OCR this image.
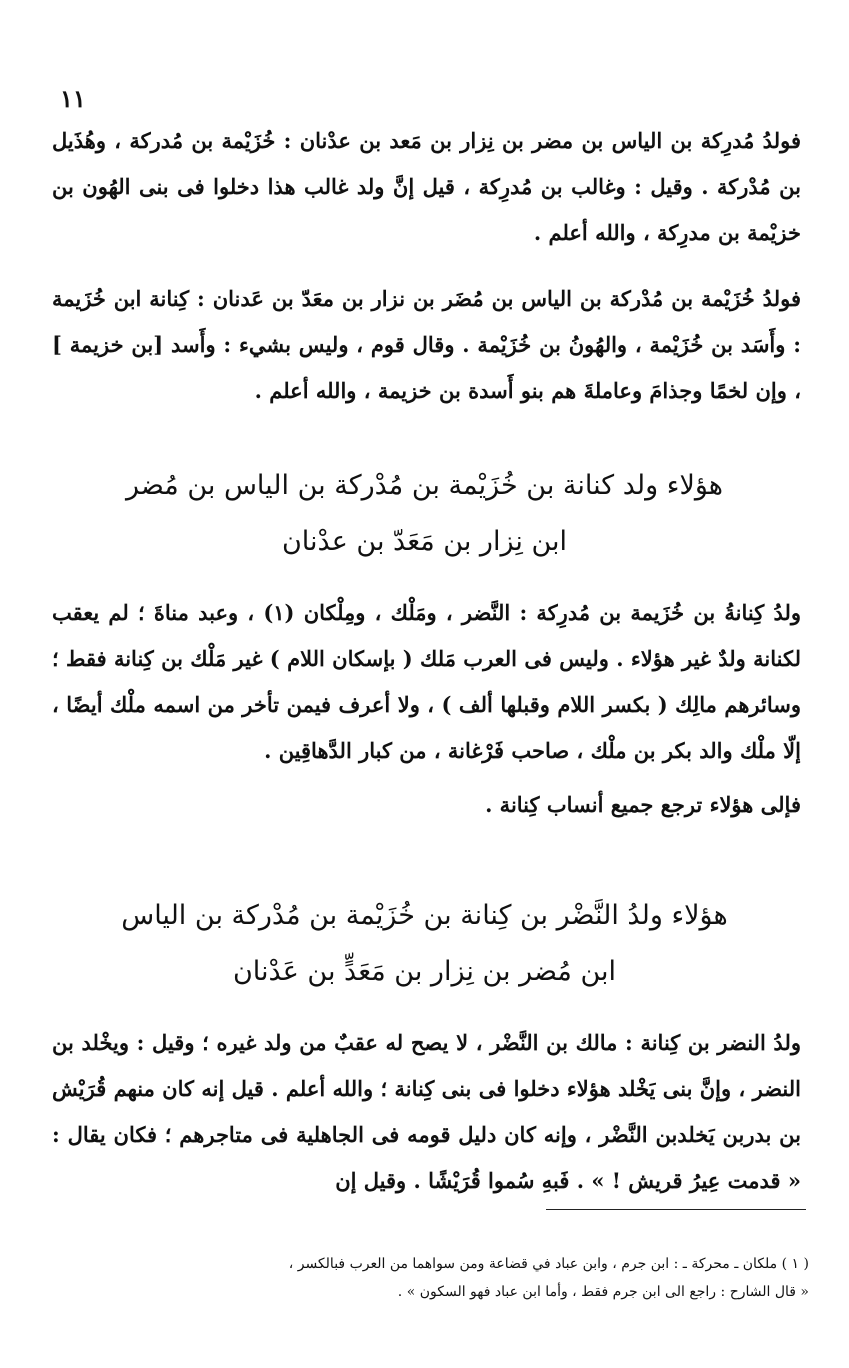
١١

فولدُ مُدرِكة بن الياس بن مضر بن نِزار بن مَعد بن عدْنان : خُزَيْمة بن مُدركة ، وهُذَيل بن مُدْركة . وقيل : وغالب بن مُدرِكة ، قيل إنَّ ولد غالب هذا دخلوا فى بنى الهُون بن خزيْمة بن مدرِكة ، والله أعلم .

فولدُ خُزَيْمة بن مُدْركة بن الياس بن مُضَر بن نزار بن معَدّ بن عَدنان : كِنانة ابن خُزَيمة : وأَسَد بن خُزَيْمة ، والهُونُ بن خُزَيْمة . وقال قوم ، وليس بشيء : وأَسد [بن خزيمة ] ، وإن لخمًا وجذامَ وعاملةَ هم بنو أَسدة بن خزيمة ، والله أعلم .

هؤلاء ولد كنانة بن خُزَيْمة بن مُدْركة بن الياس بن مُضر
ابن نِزار بن مَعَدّ بن عدْنان

ولدُ كِنانةُ بن خُزَيمة بن مُدرِكة : النَّضر ، ومَلْك ، ومِلْكان (١) ، وعبد مناةَ ؛ لم يعقب لكنانة ولدٌ غير هؤلاء . وليس فى العرب مَلك ( بإسكان اللام ) غير مَلْك بن كِنانة فقط ؛ وسائرهم مالِك ( بكسر اللام وقبلها ألف ) ، ولا أعرف فيمن تأخر من اسمه ملْك أيضًا ، إلّا ملْك والد بكر بن ملْك ، صاحب فَرْغانة ، من كبار الدَّهاقِين .

فإلى هؤلاء ترجع جميع أنساب كِنانة .

هؤلاء ولدُ النَّضْر بن كِنانة بن خُزَيْمة بن مُدْركة بن الياس
ابن مُضر بن نِزار بن مَعَدٍّ بن عَدْنان

ولدُ النضر بن كِنانة : مالك بن النَّضْر ، لا يصح له عقبٌ من ولد غيره ؛ وقيل : ويخْلد بن النضر ، وإنَّ بنى يَخْلد هؤلاء دخلوا فى بنى كِنانة ؛ والله أعلم . قيل إنه كان منهم قُرَيْش بن بدربن يَخلدبن النَّضْر ، وإنه كان دليل قومه فى الجاهلية فى متاجرهم ؛ فكان يقال : « قدمت عِيرُ قريش ! » . فَبهِ سُموا قُرَيْشًا . وقيل إن

( ١ ) ملكان ـ محركة ـ : ابن جرم ، وابن عباد في قضاعة ومن سواهما من العرب فبالكسر ،
« قال الشارح : راجع الى ابن جرم فقط ، وأما ابن عباد فهو السكون » .
